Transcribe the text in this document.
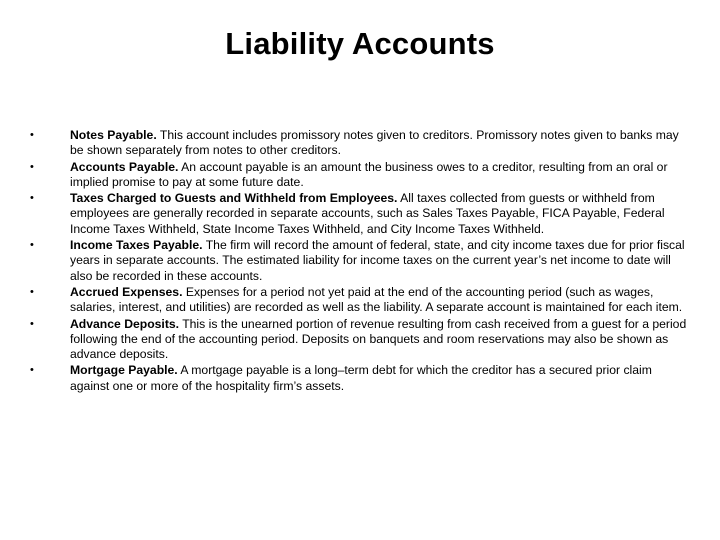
Liability Accounts
•	Notes Payable. This account includes promissory notes given to creditors. Promissory notes given to banks may be shown separately from notes to other creditors.
•	Accounts Payable. An account payable is an amount the business owes to a creditor, resulting from an oral or implied promise to pay at some future date.
•	Taxes Charged to Guests and Withheld from Employees. All taxes collected from guests or withheld from employees are generally recorded in separate accounts, such as Sales Taxes Payable, FICA Payable, Federal Income Taxes Withheld, State Income Taxes Withheld, and City Income Taxes Withheld.
•	Income Taxes Payable. The firm will record the amount of federal, state, and city income taxes due for prior fiscal years in separate accounts. The estimated liability for income taxes on the current year’s net income to date will also be recorded in these accounts.
•	Accrued Expenses. Expenses for a period not yet paid at the end of the accounting period (such as wages, salaries, interest, and utilities) are recorded as well as the liability. A separate account is maintained for each item.
•	Advance Deposits. This is the unearned portion of revenue resulting from cash received from a guest for a period following the end of the accounting period. Deposits on banquets and room reservations may also be shown as advance deposits.
•	Mortgage Payable. A mortgage payable is a long–term debt for which the creditor has a secured prior claim against one or more of the hospitality firm’s assets.
